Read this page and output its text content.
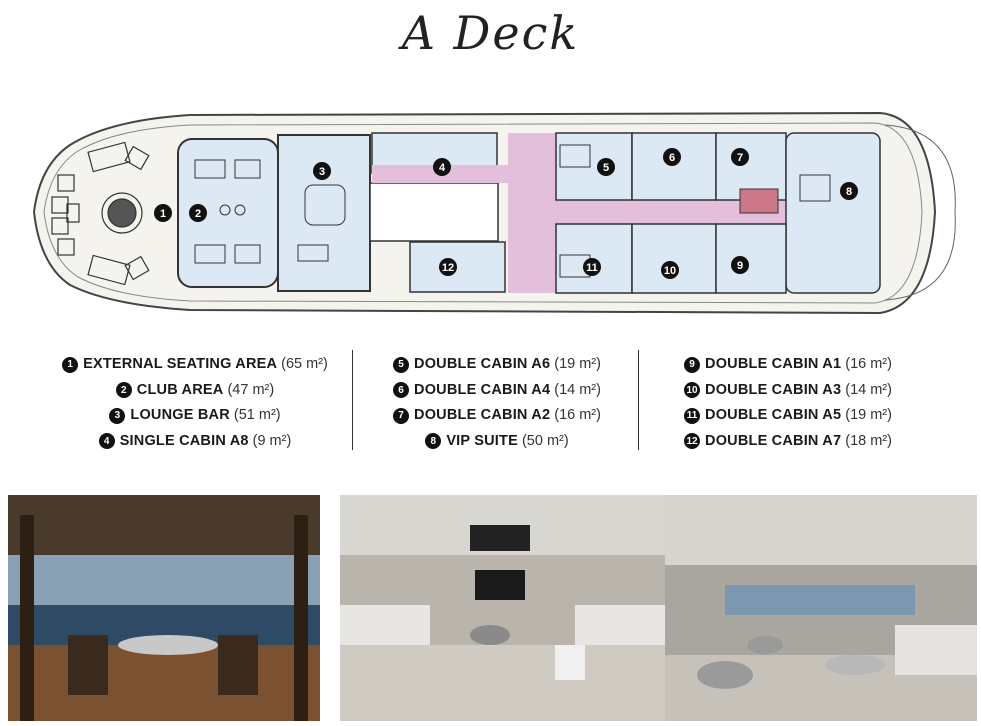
A Deck
1	2
3	4	5
6	7
8
9
10
11
12
1 EXTERNAL SEATING AREA (65 m²)
2 CLUB AREA (47 m²)
3 LOUNGE BAR (51 m²)
4 SINGLE CABIN A8 (9 m²)
5 DOUBLE CABIN A6 (19 m²)
6 DOUBLE CABIN A4 (14 m²)
7 DOUBLE CABIN A2 (16 m²)
8 VIP SUITE (50 m²)
9 DOUBLE CABIN A1 (16 m²)
10 DOUBLE CABIN A3 (14 m²)
11 DOUBLE CABIN A5 (19 m²)
12 DOUBLE CABIN A7 (18 m²)
